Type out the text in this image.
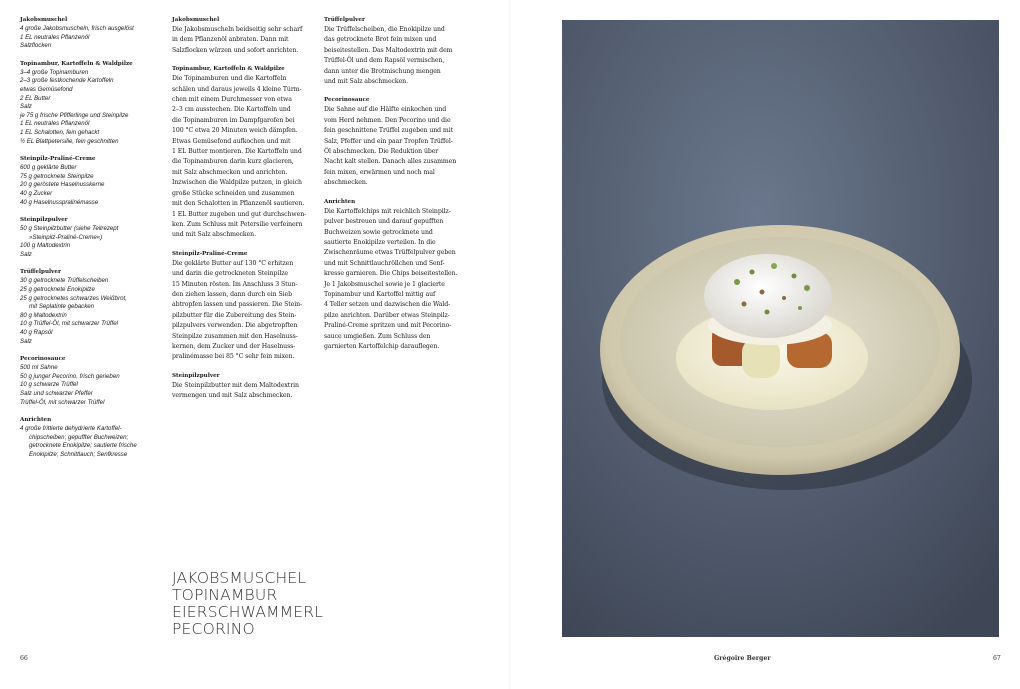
Jakobsmuschel
4 große Jakobsmuscheln, frisch ausgelöst
1 EL neutrales Pflanzenöl
Salzflocken
Topinambur, Kartoffeln & Waldpilze
3–4 große Topinamburen
2–3 große festkochende Kartoffeln
etwas Gemüsefond
2 EL Butter
Salz
je 75 g frische Pfifferlinge und Steinpilze
1 EL neutrales Pflanzenöl
1 EL Schalotten, fein gehackt
½ EL Blattpetersilie, fein geschnitten
Steinpilz-Praliné-Creme
600 g geklärte Butter
75 g getrocknete Steinpilze
20 g geröstete Haselnusskerne
40 g Zucker
40 g Haselnusspralinémasse
Steinpilzpulver
50 g Steinpilzbutter (siehe Teilrezept
»Steinpilz-Praliné-Creme«)
100 g Maltodextrin
Salz
Trüffelpulver
30 g getrocknete Trüffelscheiben
25 g getrocknete Enokipilze
25 g getrocknetes schwarzes Weißbrot,
mit Seplatinte gebacken
80 g Maltodextrin
10 g Trüffel-Öl, mit schwarzer Trüffel
40 g Rapsöl
Salz
Pecorinosauce
500 ml Sahne
50 g junger Pecorino, frisch gerieben
10 g schwarze Trüffel
Salz und schwarzer Pfeffer
Trüffel-Öl, mit schwarzer Trüffel
Anrichten
4 große frittierte dehydrierte Kartoffel-
chipscheiben; gepuffter Buchweizen;
getrocknete Enokipilze; sautierte frische
Enokipilze; Schnittlauch; Senfkresse
Jakobsmuschel
Die Jakobsmuscheln beidseitig sehr scharf
in dem Pflanzenöl anbraten. Dann mit
Salzflocken würzen und sofort anrichten.
Topinambur, Kartoffeln & Waldpilze
Die Topinamburen und die Kartoffeln
schälen und daraus jeweils 4 kleine Türm-
chen mit einem Durchmesser von etwa
2–3 cm ausstechen. Die Kartoffeln und
die Topinamburen im Dampfgarofen bei
100 °C etwa 20 Minuten weich dämpfen.
Etwas Gemüsefond aufkochen und mit
1 EL Butter montieren. Die Kartoffeln und
die Topinamburen darin kurz glacieren,
mit Salz abschmecken und anrichten.
Inzwischen die Waldpilze putzen, in gleich
große Stücke schneiden und zusammen
mit den Schalotten in Pflanzenöl sautieren.
1 EL Butter zugeben und gut durchschwen-
ken. Zum Schluss mit Petersilie verfeinern
und mit Salz abschmecken.
Steinpilz-Praliné-Creme
Die geklärte Butter auf 130 °C erhitzen
und darin die getrockneten Steinpilze
15 Minuten rösten. Im Anschluss 3 Stun-
den ziehen lassen, dann durch ein Sieb
abtropfen lassen und passieren. Die Stein-
pilzbutter für die Zubereitung des Stein-
pilzpulvers verwenden. Die abgetropften
Steinpilze zusammen mit den Haselnuss-
kernen, dem Zucker und der Haselnuss-
pralinémasse bei 85 °C sehr fein mixen.
Steinpilzpulver
Die Steinpilzbutter mit dem Maltodextrin
vermengen und mit Salz abschmecken.
Trüffelpulver
Die Trüffelscheiben, die Enokipilze und
das getrocknete Brot fein mixen und
beiseitestellen. Das Maltodextrin mit dem
Trüffel-Öl und dem Rapsöl vermischen,
dann unter die Brotmischung mengen
und mit Salz abschmecken.
Pecorinosauce
Die Sahne auf die Hälfte einkochen und
vom Herd nehmen. Den Pecorino und die
fein geschnittene Trüffel zugeben und mit
Salz, Pfeffer und ein paar Tropfen Trüffel-
Öl abschmecken. Die Reduktion über
Nacht kalt stellen. Danach alles zusammen
fein mixen, erwärmen und noch mal
abschmecken.
Anrichten
Die Kartoffelchips mit reichlich Steinpilz-
pulver bestreuen und darauf gepufften
Buchweizen sowie getrocknete und
sautierte Enokipilze verteilen. In die
Zwischenräume etwas Trüffelpulver geben
und mit Schnittlauchröllchen und Senf-
kresse garnieren. Die Chips beiseitestellen.
Je 1 Jakobsmuschel sowie je 1 glacierte
Topinambur und Kartoffel mittig auf
4 Teller setzen und dazwischen die Wald-
pilze anrichten. Darüber etwas Steinpilz-
Praliné-Creme spritzen und mit Pecorino-
sauce umgießen. Zum Schluss den
garnierten Kartoffelchip darauflegen.
JAKOBSMUSCHEL
TOPINAMBUR
EIERSCHWAMMERL
PECORINO
66	Grégoire Berger	67
